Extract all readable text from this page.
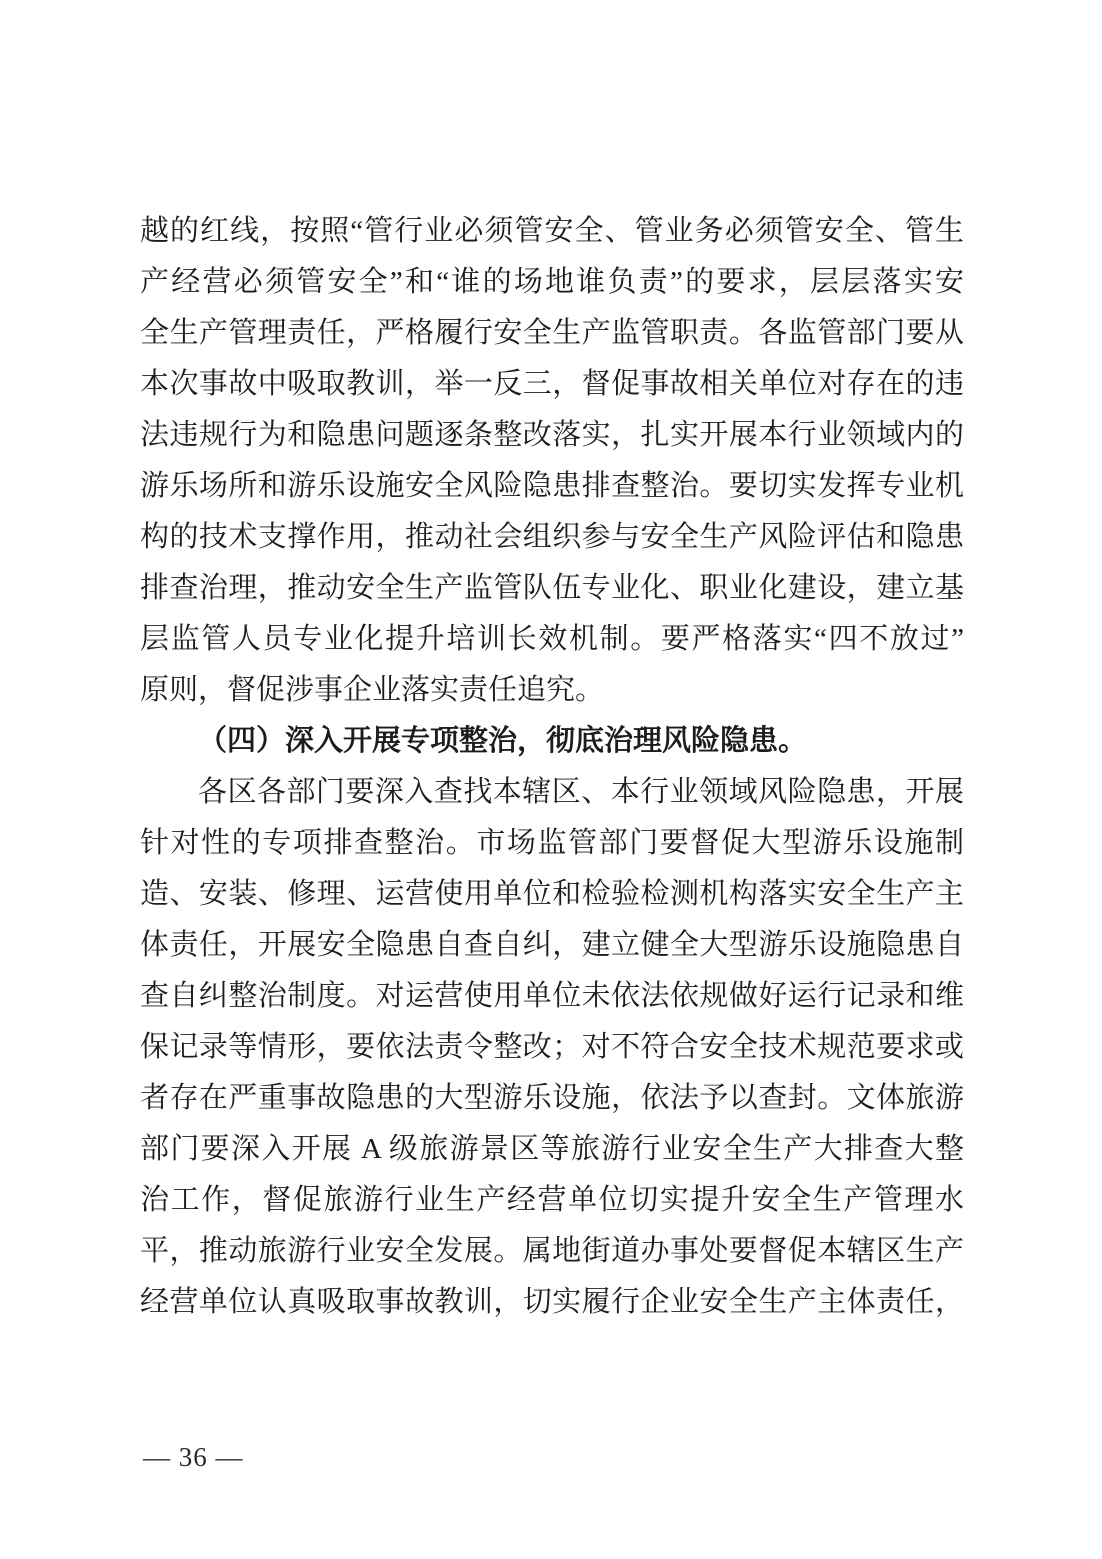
越的红线，按照“管行业必须管安全、管业务必须管安全、管生
产经营必须管安全”和“谁的场地谁负责”的要求，层层落实安
全生产管理责任，严格履行安全生产监管职责。各监管部门要从
本次事故中吸取教训，举一反三，督促事故相关单位对存在的违
法违规行为和隐患问题逐条整改落实，扎实开展本行业领域内的
游乐场所和游乐设施安全风险隐患排查整治。要切实发挥专业机
构的技术支撑作用，推动社会组织参与安全生产风险评估和隐患
排查治理，推动安全生产监管队伍专业化、职业化建设，建立基
层监管人员专业化提升培训长效机制。要严格落实“四不放过”
原则，督促涉事企业落实责任追究。
（四）深入开展专项整治，彻底治理风险隐患。
各区各部门要深入查找本辖区、本行业领域风险隐患，开展
针对性的专项排查整治。市场监管部门要督促大型游乐设施制
造、安装、修理、运营使用单位和检验检测机构落实安全生产主
体责任，开展安全隐患自查自纠，建立健全大型游乐设施隐患自
查自纠整治制度。对运营使用单位未依法依规做好运行记录和维
保记录等情形，要依法责令整改；对不符合安全技术规范要求或
者存在严重事故隐患的大型游乐设施，依法予以查封。文体旅游
部门要深入开展 A 级旅游景区等旅游行业安全生产大排查大整
治工作，督促旅游行业生产经营单位切实提升安全生产管理水
平，推动旅游行业安全发展。属地街道办事处要督促本辖区生产
经营单位认真吸取事故教训，切实履行企业安全生产主体责任，
— 36 —
